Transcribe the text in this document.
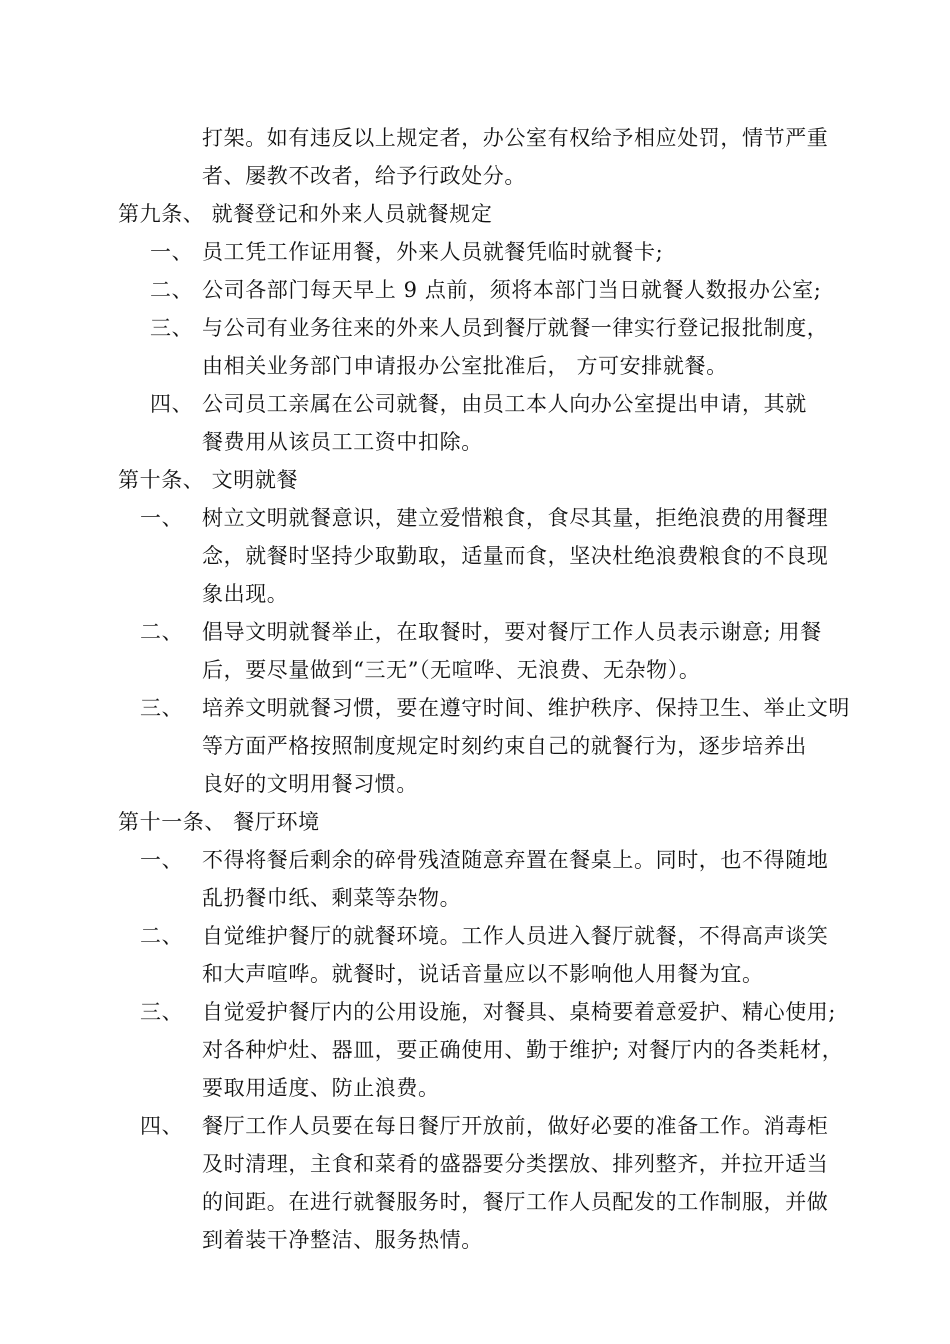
打架。如有违反以上规定者，办公室有权给予相应处罚，情节严重
者、屡教不改者，给予行政处分。
第九条、 就餐登记和外来人员就餐规定
一、 员工凭工作证用餐，外来人员就餐凭临时就餐卡;
二、 公司各部门每天早上 9 点前，须将本部门当日就餐人数报办公室;
三、 与公司有业务往来的外来人员到餐厅就餐一律实行登记报批制度，
由相关业务部门申请报办公室批准后， 方可安排就餐。
四、 公司员工亲属在公司就餐，由员工本人向办公室提出申请，其就
餐费用从该员工工资中扣除。
第十条、 文明就餐
一、 树立文明就餐意识，建立爱惜粮食，食尽其量，拒绝浪费的用餐理
念，就餐时坚持少取勤取，适量而食，坚决杜绝浪费粮食的不良现
象出现。
二、 倡导文明就餐举止，在取餐时，要对餐厅工作人员表示谢意; 用餐
后，要尽量做到“三无”（无喧哗、无浪费、无杂物）。
三、 培养文明就餐习惯，要在遵守时间、维护秩序、保持卫生、举止文明
等方面严格按照制度规定时刻约束自己的就餐行为，逐步培养出
良好的文明用餐习惯。
第十一条、 餐厅环境
一、 不得将餐后剩余的碎骨残渣随意弃置在餐桌上。同时，也不得随地
乱扔餐巾纸、剩菜等杂物。
二、 自觉维护餐厅的就餐环境。工作人员进入餐厅就餐，不得高声谈笑
和大声喧哗。就餐时，说话音量应以不影响他人用餐为宜。
三、 自觉爱护餐厅内的公用设施，对餐具、桌椅要着意爱护、精心使用;
对各种炉灶、器皿，要正确使用、勤于维护; 对餐厅内的各类耗材，
要取用适度、防止浪费。
四、 餐厅工作人员要在每日餐厅开放前，做好必要的准备工作。消毒柜
及时清理，主食和菜肴的盛器要分类摆放、排列整齐，并拉开适当
的间距。在进行就餐服务时，餐厅工作人员配发的工作制服，并做
到着装干净整洁、服务热情。
